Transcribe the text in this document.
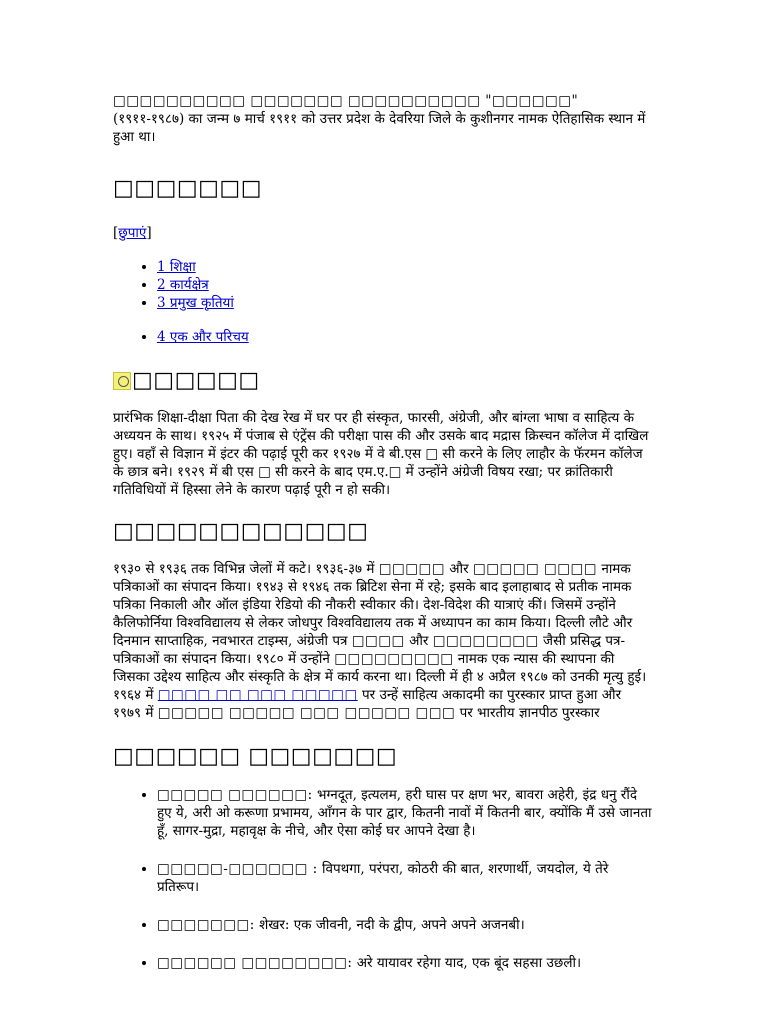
□□□□□□□□□□ □□□□□□□ □□□□□□□□□□ "□□□□□□" (१९११-१९८७) का जन्म ७ मार्च १९११ को उत्तर प्रदेश के देवरिया जिले के कुशीनगर नामक ऐतिहासिक स्थान में हुआ था।

□□□□□□□

[छुपाएं]

• 1 शिक्षा
• 2 कार्यक्षेत्र
• 3 प्रमुख कृतियां
• 4 एक और परिचय
□□□□□□

प्रारंभिक शिक्षा-दीक्षा पिता की देख रेख में घर पर ही संस्कृत, फारसी, अंग्रेजी, और बांग्ला भाषा व साहित्य के अध्ययन के साथ। १९२५ में पंजाब से एंट्रेंस की परीक्षा पास की और उसके बाद मद्रास क्रिस्चन कॉलेज में दाखिल हुए। वहाँ से विज्ञान में इंटर की पढ़ाई पूरी कर १९२७ में वे बी.एस‍‍‍‍‍‍‍‍‍‍‍ □ सी करने के लिए लाहौर के फॅरमन कॉलेज के छात्र बने। १९२९ में बी एस □ सी करने के बाद एम.ए.□ में उन्होंने अंग्रेजी विषय रखा; पर क्रांतिकारी गतिविधियों में हिस्सा लेने के कारण पढ़ाई पूरी न हो सकी।

□□□□□□□□□□□□

१९३० से १९३६ तक विभिन्न जेलों में कटे। १९३६-३७ में □□□□□ और □□□□□ □□□□ नामक पत्रिकाओं का संपादन किया। १९४३ से १९४६ तक ब्रिटिश सेना में रहे; इसके बाद इलाहाबाद से प्रतीक नामक पत्रिका निकाली और ऑल इंडिया रेडियो की नौकरी स्वीकार की। देश-विदेश की यात्राएं कीं। जिसमें उन्होंने कैलिफोर्निया विश्वविद्यालय से लेकर जोधपुर विश्वविद्यालय तक में अध्यापन का काम किया। दिल्ली लौटे और दिनमान साप्ताहिक, नवभारत टाइम्स, अंग्रेजी पत्र □□□□ और □□□□□□□□ जैसी प्रसिद्ध पत्र-पत्रिकाओं का संपादन किया। १९८० में उन्होंने □□□□□□□□□ नामक एक न्यास की स्थापना की जिसका उद्देश्य साहित्य और संस्कृति के क्षेत्र में कार्य करना था। दिल्ली में ही ४ अप्रैल १९८७ को उनकी मृत्यु हुई। १९६४ में □□□□ □□ □□□ □□□□□ पर उन्हें साहित्य अकादमी का पुरस्कार प्राप्त हुआ और १९७९ में □□□□□ □□□□□ □□□ □□□□□ □□□ पर भारतीय ज्ञानपीठ पुरस्कार

□□□□□□ □□□□□□□
• □□□□□ □□□□□□: भग्नदूत, इत्यलम, हरी घास पर क्षण भर, बावरा अहेरी, इंद्र धनु रौंदे हुए ये, अरी ओ करूणा प्रभामय, आँगन के पार द्वार, कितनी नावों में कितनी बार, क्योंकि मैं उसे जानता हूँ, सागर-मुद्रा, महावृक्ष के नीचे, और ऐसा कोई घर आपने देखा है।
• □□□□□-□□□□□□ : विपथगा, परंपरा, कोठरी की बात, शरणार्थी, जयदोल, ये तेरे प्रतिरूप।
• □□□□□□□: शेखर: एक जीवनी, नदी के द्वीप, अपने अपने अजनबी।
• □□□□□□ □□□□□□□□: अरे यायावर रहेगा याद, एक बूंद सहसा उछली।
